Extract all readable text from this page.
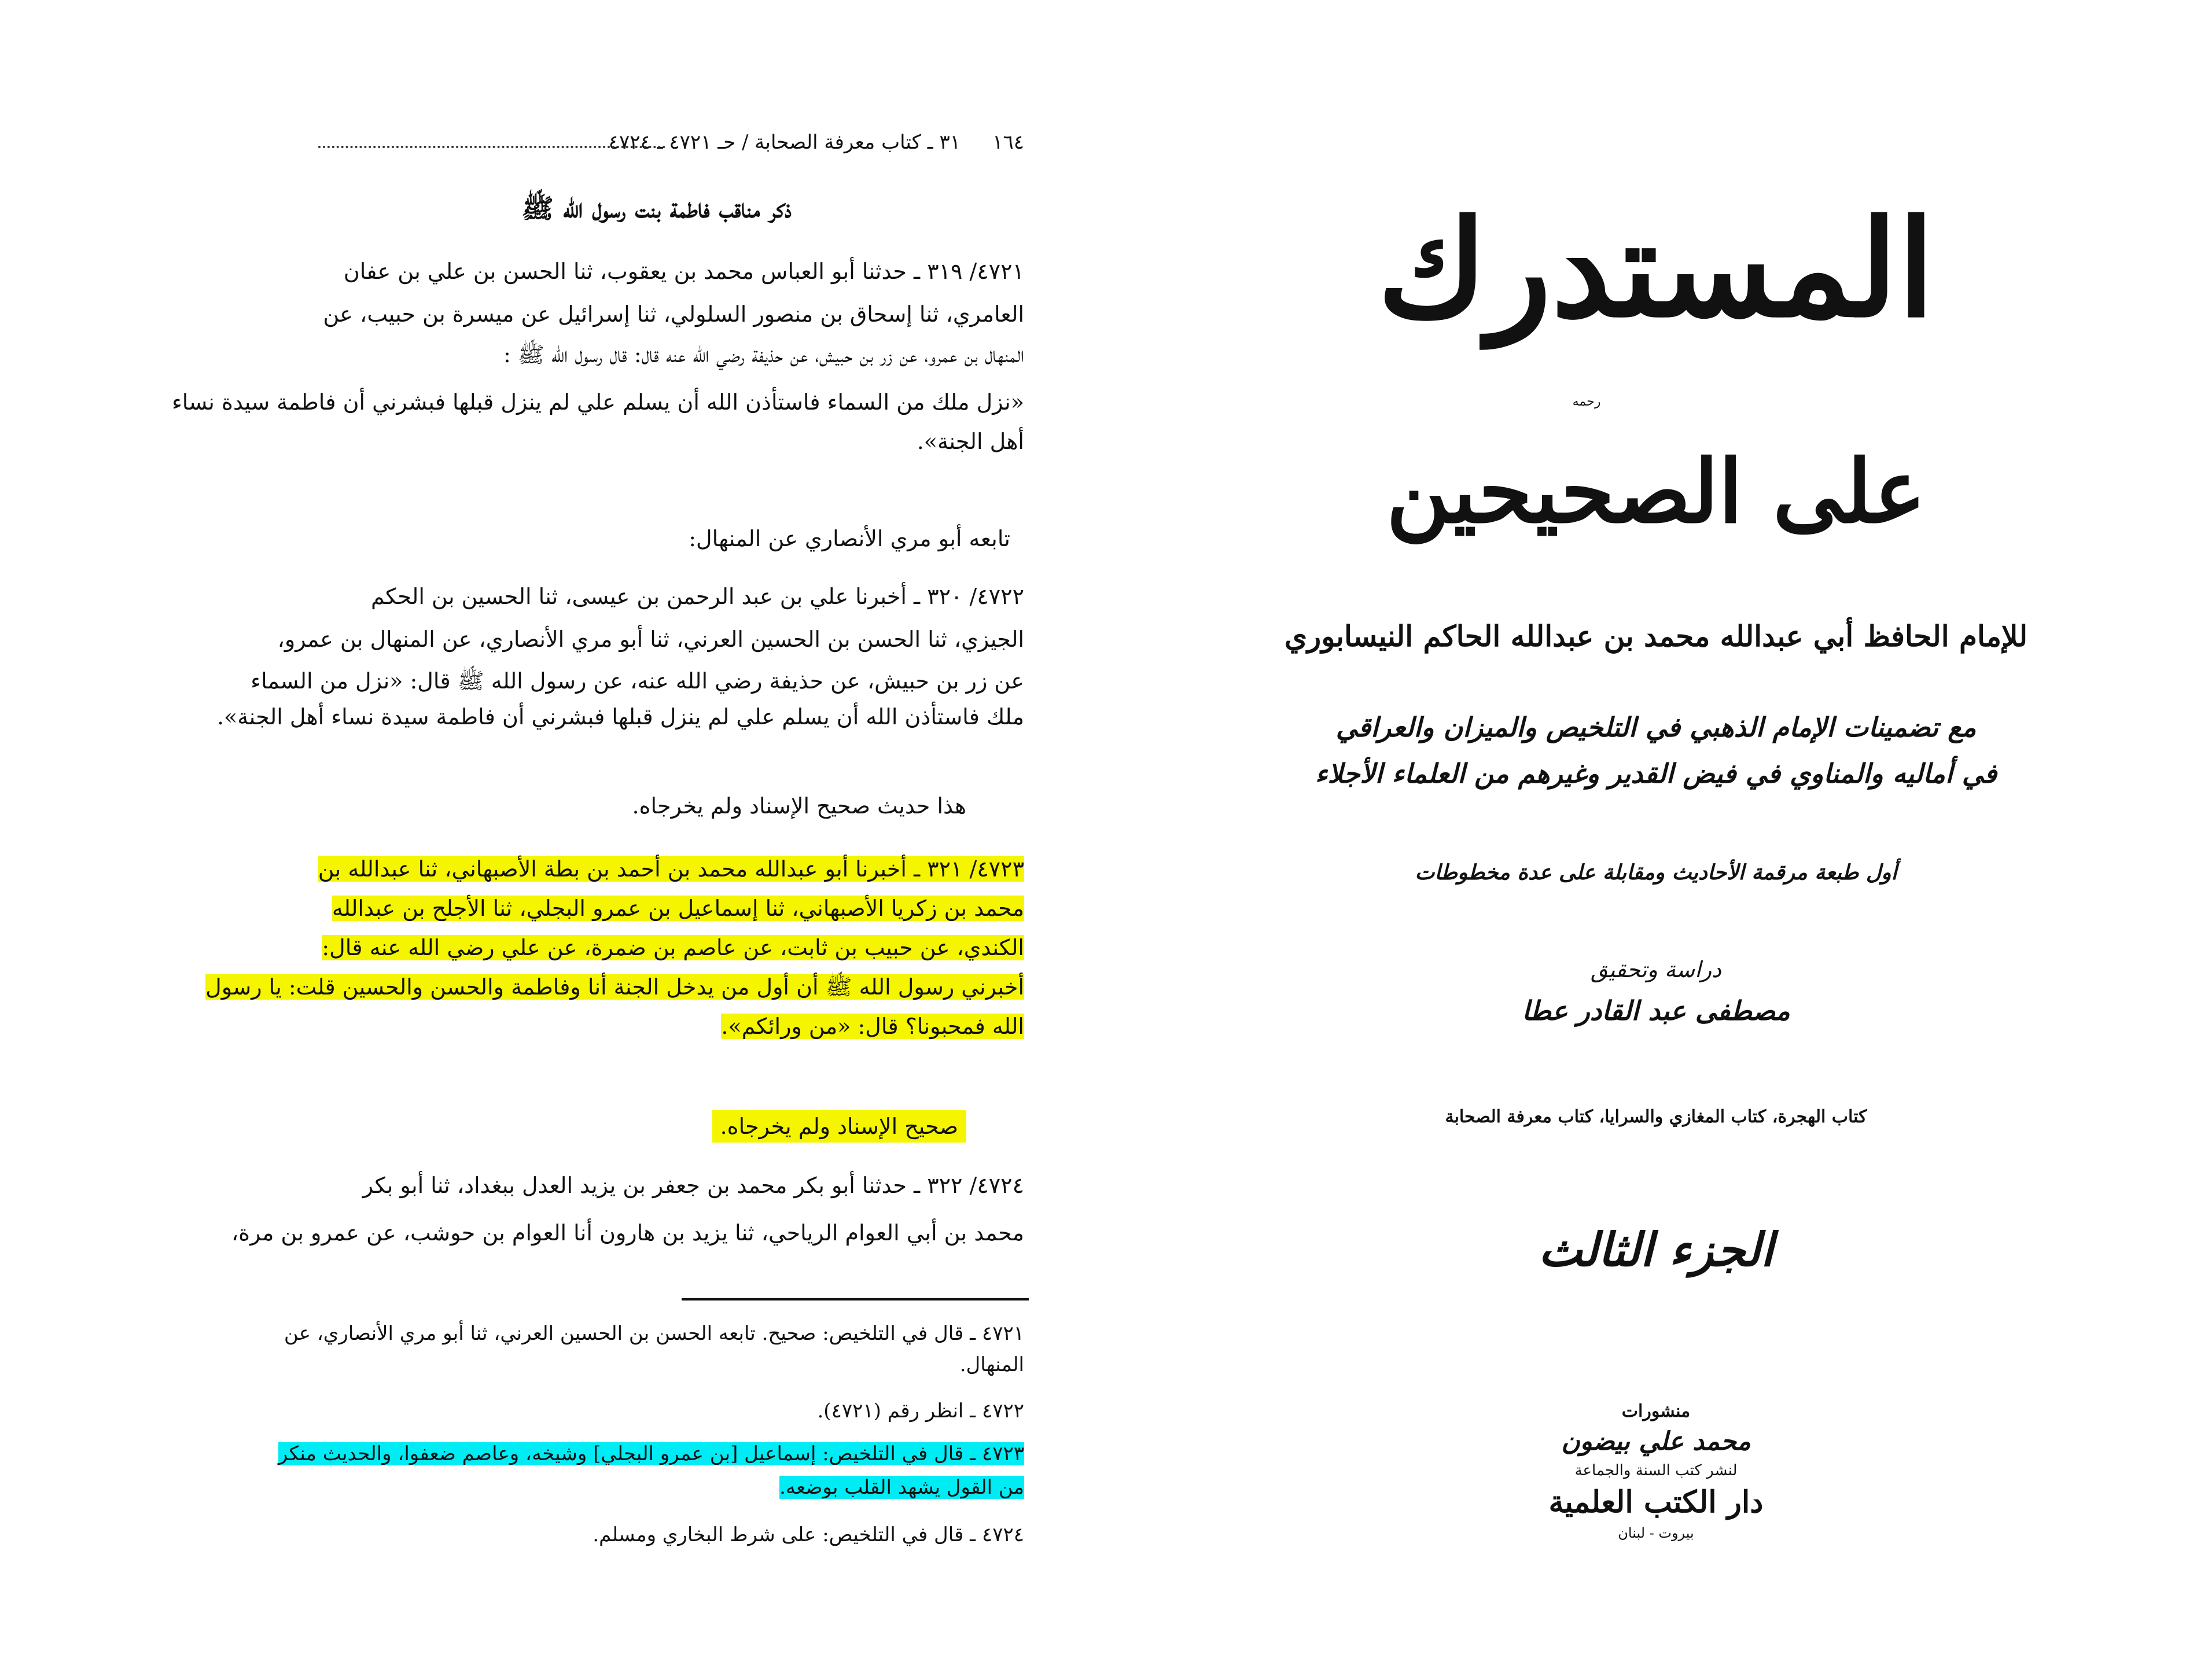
١٦٤
٣١ ـ كتاب معرفة الصحابة / حـ ٤٧٢١ ـ ٤٧٢٤
ذكر مناقب فاطمة بنت رسول الله ﷺ

٤٧٢١/ ٣١٩ ـ حدثنا أبو العباس محمد بن يعقوب، ثنا الحسن بن علي بن عفان

العامري، ثنا إسحاق بن منصور السلولي، ثنا إسرائيل عن ميسرة بن حبيب، عن

المنهال بن عمرو، عن زر بن حبيش، عن حذيفة رضي الله عنه قال: قال رسول الله ﷺ :

«نزل ملك من السماء فاستأذن الله أن يسلم علي لم ينزل قبلها فبشرني أن فاطمة سيدة نساء

أهل الجنة».

تابعه أبو مري الأنصاري عن المنهال:

٤٧٢٢/ ٣٢٠ ـ أخبرنا علي بن عبد الرحمن بن عيسى، ثنا الحسين بن الحكم

الجيزي، ثنا الحسن بن الحسين العرني، ثنا أبو مري الأنصاري، عن المنهال بن عمرو،

عن زر بن حبيش، عن حذيفة رضي الله عنه، عن رسول الله ﷺ قال: «نزل من السماء

ملك فاستأذن الله أن يسلم علي لم ينزل قبلها فبشرني أن فاطمة سيدة نساء أهل الجنة».

هذا حديث صحيح الإسناد ولم يخرجاه.

٤٧٢٣/ ٣٢١ ـ أخبرنا أبو عبدالله محمد بن أحمد بن بطة الأصبهاني، ثنا عبدالله بن

محمد بن زكريا الأصبهاني، ثنا إسماعيل بن عمرو البجلي، ثنا الأجلح بن عبدالله

الكندي، عن حبيب بن ثابت، عن عاصم بن ضمرة، عن علي رضي الله عنه قال:

أخبرني رسول الله ﷺ أن أول من يدخل الجنة أنا وفاطمة والحسن والحسين قلت: يا رسول

الله فمحبونا؟ قال: «من ورائكم».

صحيح الإسناد ولم يخرجاه.

٤٧٢٤/ ٣٢٢ ـ حدثنا أبو بكر محمد بن جعفر بن يزيد العدل ببغداد، ثنا أبو بكر

محمد بن أبي العوام الرياحي، ثنا يزيد بن هارون أنا العوام بن حوشب، عن عمرو بن مرة،

٤٧٢١ ـ قال في التلخيص: صحيح. تابعه الحسن بن الحسين العرني، ثنا أبو مري الأنصاري، عن
المنهال.
٤٧٢٢ ـ انظر رقم (٤٧٢١).
٤٧٢٣ ـ قال في التلخيص: إسماعيل [بن عمرو البجلي] وشيخه، وعاصم ضعفوا، والحديث منكر
من القول يشهد القلب بوضعه.
٤٧٢٤ ـ قال في التلخيص: على شرط البخاري ومسلم.
المستدرك
رحمه
على الصحيحين
للإمام الحافظ أبي عبدالله محمد بن عبدالله الحاكم النيسابوري
مع تضمينات الإمام الذهبي في التلخيص والميزان والعراقي
في أماليه والمناوي في فيض القدير وغيرهم من العلماء الأجلاء
أول طبعة مرقمة الأحاديث ومقابلة على عدة مخطوطات
دراسة وتحقيق
مصطفى عبد القادر عطا
كتاب الهجرة، كتاب المغازي والسرايا، كتاب معرفة الصحابة
الجزء الثالث
منشورات
محمد علي بيضون
لنشر كتب السنة والجماعة
دار الكتب العلمية
بيروت - لبنان
